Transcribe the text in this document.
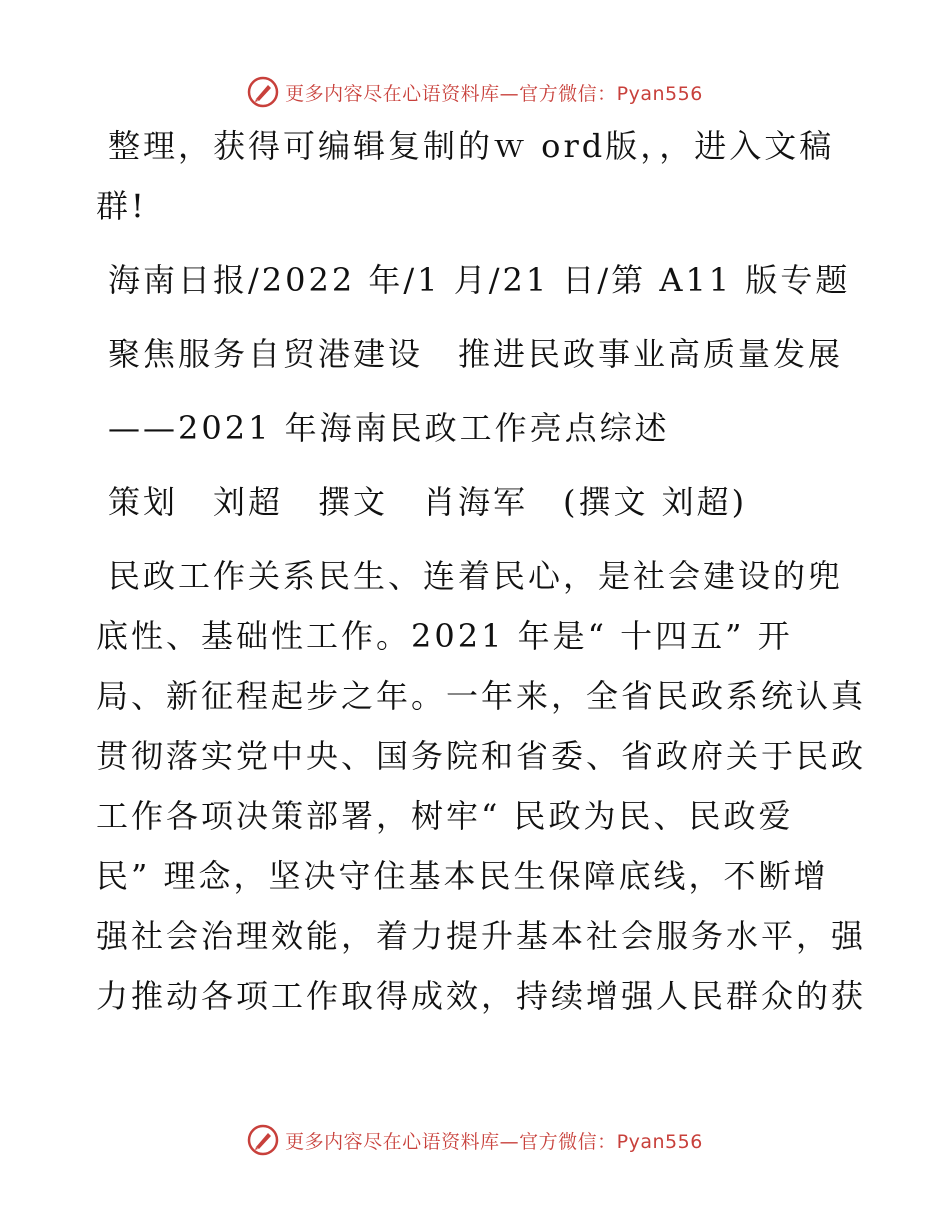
更多内容尽在心语资料库—官方微信：Pyan556
整理，获得可编辑复制的ｗ ord版，，进入文稿
群!
海南日报/2022 年/1 月/21 日/第 A11 版专题
聚焦服务自贸港建设　推进民政事业高质量发展
——2021 年海南民政工作亮点综述
策划　刘超　撰文　肖海军　(撰文 刘超)
民政工作关系民生、连着民心，是社会建设的兜
底性、基础性工作。2021 年是“ 十四五” 开
局、新征程起步之年。一年来，全省民政系统认真
贯彻落实党中央、国务院和省委、省政府关于民政
工作各项决策部署，树牢“ 民政为民、民政爱
民” 理念，坚决守住基本民生保障底线，不断增
强社会治理效能，着力提升基本社会服务水平，强
力推动各项工作取得成效，持续增强人民群众的获
更多内容尽在心语资料库—官方微信：Pyan556
